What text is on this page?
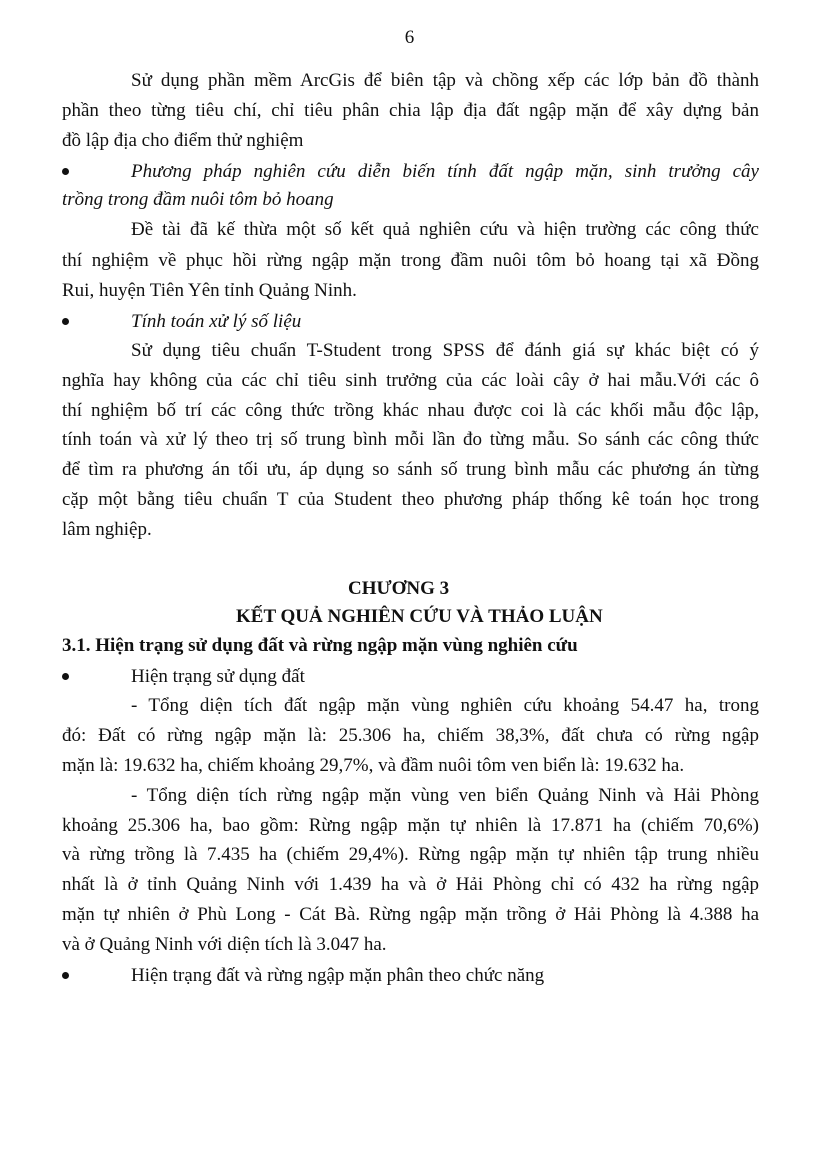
6
Sử dụng phần mềm ArcGis để biên tập và chồng xếp các lớp bản đồ thành
phần theo từng tiêu chí, chỉ tiêu phân chia lập địa đất ngập mặn để xây dựng bản
đồ lập địa cho điểm thử nghiệm
Phương pháp nghiên cứu diễn biến tính đất ngập mặn, sinh trưởng cây
trồng trong đầm nuôi tôm bỏ hoang
Đề tài đã kế thừa một số kết quả nghiên cứu và hiện trường các công thức
thí nghiệm về phục hồi rừng ngập mặn trong đầm nuôi tôm bỏ hoang tại xã Đồng
Rui, huyện Tiên Yên tỉnh Quảng Ninh.
Tính toán xử lý số liệu
Sử dụng tiêu chuẩn T-Student trong SPSS để đánh giá sự khác biệt có ý
nghĩa hay không của các chỉ tiêu sinh trưởng của các loài cây ở hai mẫu.Với các ô
thí nghiệm bố trí các công thức trồng khác nhau được coi là các khối mẫu độc lập,
tính toán và xử lý theo trị số trung bình mỗi lần đo từng mẫu. So sánh các công thức
để tìm ra phương án tối ưu, áp dụng so sánh số trung bình mẫu các phương án từng
cặp một bằng tiêu chuẩn T của Student theo phương pháp thống kê toán học trong
lâm nghiệp.
CHƯƠNG 3
KẾT QUẢ NGHIÊN CỨU VÀ THẢO LUẬN
3.1. Hiện trạng sử dụng đất và rừng ngập mặn vùng nghiên cứu
Hiện trạng sử dụng đất
- Tổng diện tích đất ngập mặn vùng nghiên cứu khoảng 54.47 ha, trong
đó: Đất có rừng ngập mặn là: 25.306 ha, chiếm 38,3%, đất chưa có rừng ngập
mặn là: 19.632 ha, chiếm khoảng 29,7%, và đầm nuôi tôm ven biển là: 19.632 ha.
- Tổng diện tích rừng ngập mặn vùng ven biển Quảng Ninh và Hải Phòng
khoảng 25.306 ha, bao gồm: Rừng ngập mặn tự nhiên là 17.871 ha (chiếm 70,6%)
và rừng trồng là 7.435 ha (chiếm 29,4%). Rừng ngập mặn tự nhiên tập trung nhiều
nhất là ở tỉnh Quảng Ninh với 1.439 ha và ở Hải Phòng chỉ có 432 ha rừng ngập
mặn tự nhiên ở Phù Long - Cát Bà. Rừng ngập mặn trồng ở Hải Phòng là 4.388 ha
và ở Quảng Ninh với diện tích là 3.047 ha.
Hiện trạng đất và rừng ngập mặn phân theo chức năng
